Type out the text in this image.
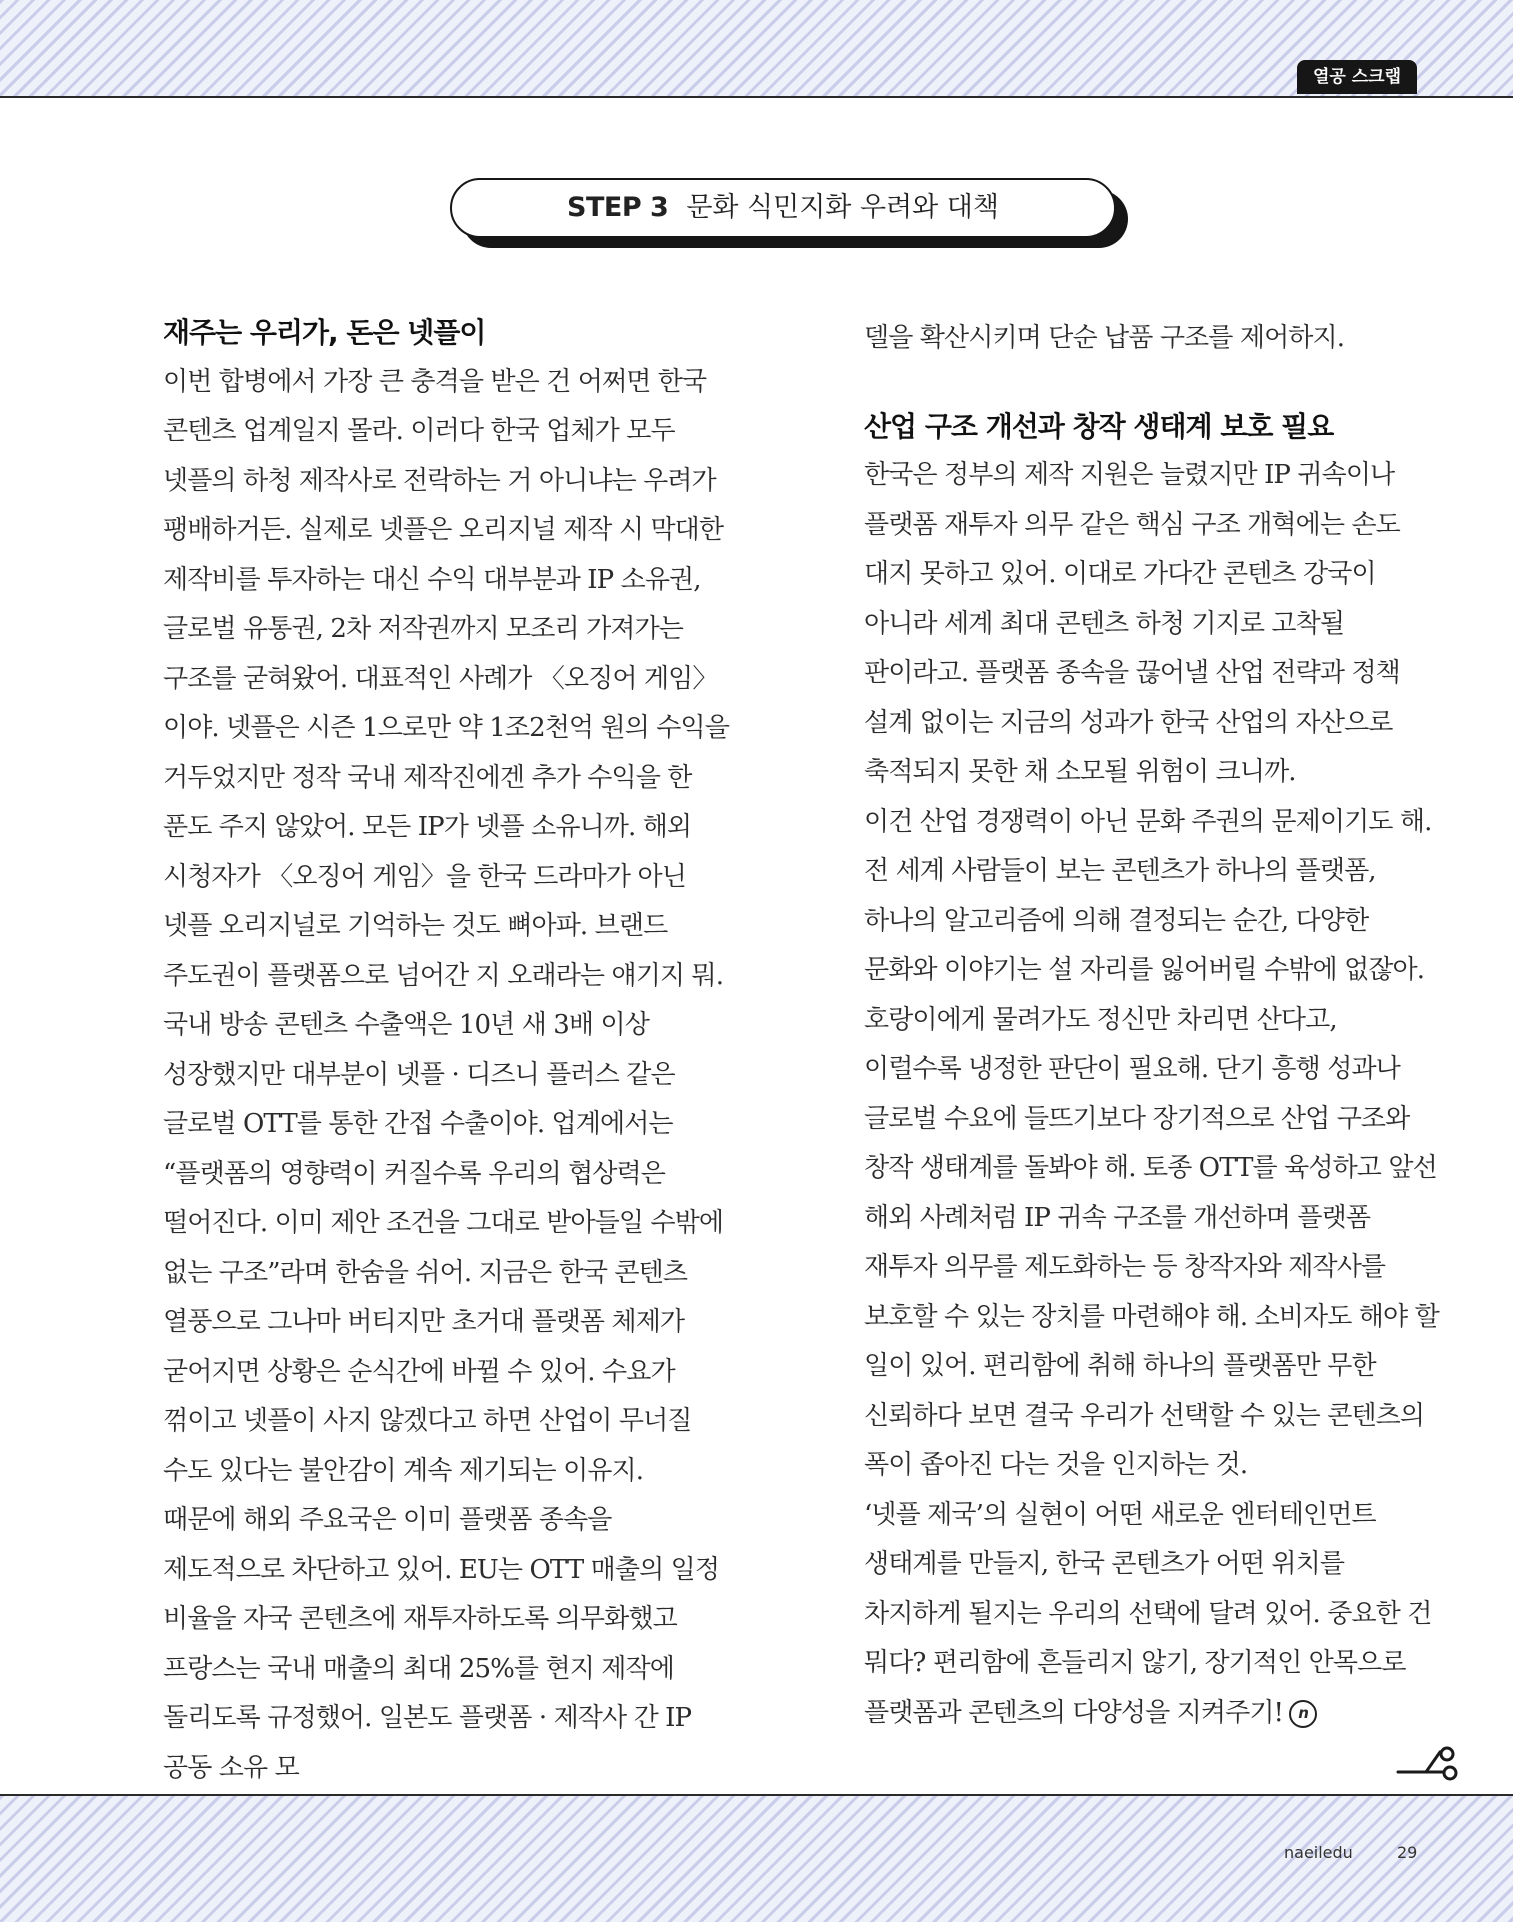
열공 스크랩
STEP 3 문화 식민지화 우려와 대책
재주는 우리가, 돈은 넷플이

이번 합병에서 가장 큰 충격을 받은 건 어쩌면 한국 콘텐츠 업계일지 몰라. 이러다 한국 업체가 모두 넷플의 하청 제작사로 전락하는 거 아니냐는 우려가 팽배하거든. 실제로 넷플은 오리지널 제작 시 막대한 제작비를 투자하는 대신 수익 대부분과 IP 소유권, 글로벌 유통권, 2차 저작권까지 모조리 가져가는 구조를 굳혀왔어. 대표적인 사례가 〈오징어 게임〉이야. 넷플은 시즌 1으로만 약 1조2천억 원의 수익을 거두었지만 정작 국내 제작진에겐 추가 수익을 한 푼도 주지 않았어. 모든 IP가 넷플 소유니까. 해외 시청자가 〈오징어 게임〉을 한국 드라마가 아닌 넷플 오리지널로 기억하는 것도 뼈아파. 브랜드 주도권이 플랫폼으로 넘어간 지 오래라는 얘기지 뭐.

국내 방송 콘텐츠 수출액은 10년 새 3배 이상 성장했지만 대부분이 넷플 · 디즈니 플러스 같은 글로벌 OTT를 통한 간접 수출이야. 업계에서는 “플랫폼의 영향력이 커질수록 우리의 협상력은 떨어진다. 이미 제안 조건을 그대로 받아들일 수밖에 없는 구조”라며 한숨을 쉬어. 지금은 한국 콘텐츠 열풍으로 그나마 버티지만 초거대 플랫폼 체제가 굳어지면 상황은 순식간에 바뀔 수 있어. 수요가 꺾이고 넷플이 사지 않겠다고 하면 산업이 무너질 수도 있다는 불안감이 계속 제기되는 이유지.

때문에 해외 주요국은 이미 플랫폼 종속을 제도적으로 차단하고 있어. EU는 OTT 매출의 일정 비율을 자국 콘텐츠에 재투자하도록 의무화했고 프랑스는 국내 매출의 최대 25%를 현지 제작에 돌리도록 규정했어. 일본도 플랫폼 · 제작사 간 IP 공동 소유 모

델을 확산시키며 단순 납품 구조를 제어하지.

산업 구조 개선과 창작 생태계 보호 필요

한국은 정부의 제작 지원은 늘렸지만 IP 귀속이나 플랫폼 재투자 의무 같은 핵심 구조 개혁에는 손도 대지 못하고 있어. 이대로 가다간 콘텐츠 강국이 아니라 세계 최대 콘텐츠 하청 기지로 고착될 판이라고. 플랫폼 종속을 끊어낼 산업 전략과 정책 설계 없이는 지금의 성과가 한국 산업의 자산으로 축적되지 못한 채 소모될 위험이 크니까.

이건 산업 경쟁력이 아닌 문화 주권의 문제이기도 해. 전 세계 사람들이 보는 콘텐츠가 하나의 플랫폼, 하나의 알고리즘에 의해 결정되는 순간, 다양한 문화와 이야기는 설 자리를 잃어버릴 수밖에 없잖아. 호랑이에게 물려가도 정신만 차리면 산다고, 이럴수록 냉정한 판단이 필요해. 단기 흥행 성과나 글로벌 수요에 들뜨기보다 장기적으로 산업 구조와 창작 생태계를 돌봐야 해. 토종 OTT를 육성하고 앞선 해외 사례처럼 IP 귀속 구조를 개선하며 플랫폼 재투자 의무를 제도화하는 등 창작자와 제작사를 보호할 수 있는 장치를 마련해야 해. 소비자도 해야 할 일이 있어. 편리함에 취해 하나의 플랫폼만 무한 신뢰하다 보면 결국 우리가 선택할 수 있는 콘텐츠의 폭이 좁아진 다는 것을 인지하는 것.

‘넷플 제국’의 실현이 어떤 새로운 엔터테인먼트 생태계를 만들지, 한국 콘텐츠가 어떤 위치를 차지하게 될지는 우리의 선택에 달려 있어. 중요한 건 뭐다? 편리함에 흔들리지 않기, 장기적인 안목으로 플랫폼과 콘텐츠의 다양성을 지켜주기! n

naeiledu	29
